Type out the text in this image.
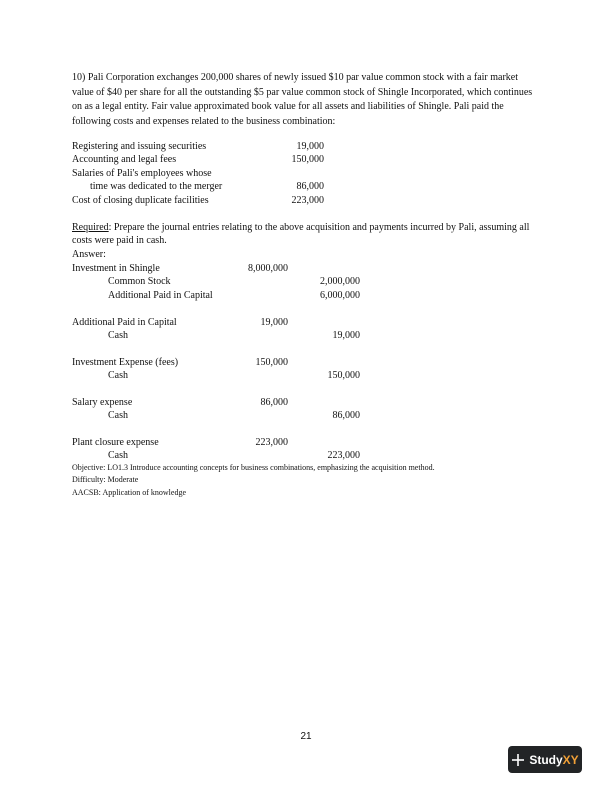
10) Pali Corporation exchanges 200,000 shares of newly issued $10 par value common stock with a fair market value of $40 per share for all the outstanding $5 par value common stock of Shingle Incorporated, which continues on as a legal entity. Fair value approximated book value for all assets and liabilities of Shingle. Pali paid the following costs and expenses related to the business combination:

Registering and issuing securities	19,000
Accounting and legal fees	150,000
Salaries of Pali's employees whose
time was dedicated to the merger	86,000
Cost of closing duplicate facilities	223,000

Required: Prepare the journal entries relating to the above acquisition and payments incurred by Pali, assuming all costs were paid in cash.

Answer:
Investment in Shingle	8,000,000
Common Stock	2,000,000
Additional Paid in Capital	6,000,000
Additional Paid in Capital	19,000
Cash	19,000
Investment Expense (fees)	150,000
Cash	150,000
Salary expense	86,000
Cash	86,000
Plant closure expense	223,000
Cash	223,000
Objective: LO1.3 Introduce accounting concepts for business combinations, emphasizing the acquisition method.
Difficulty: Moderate
AACSB: Application of knowledge
21
Study XY
